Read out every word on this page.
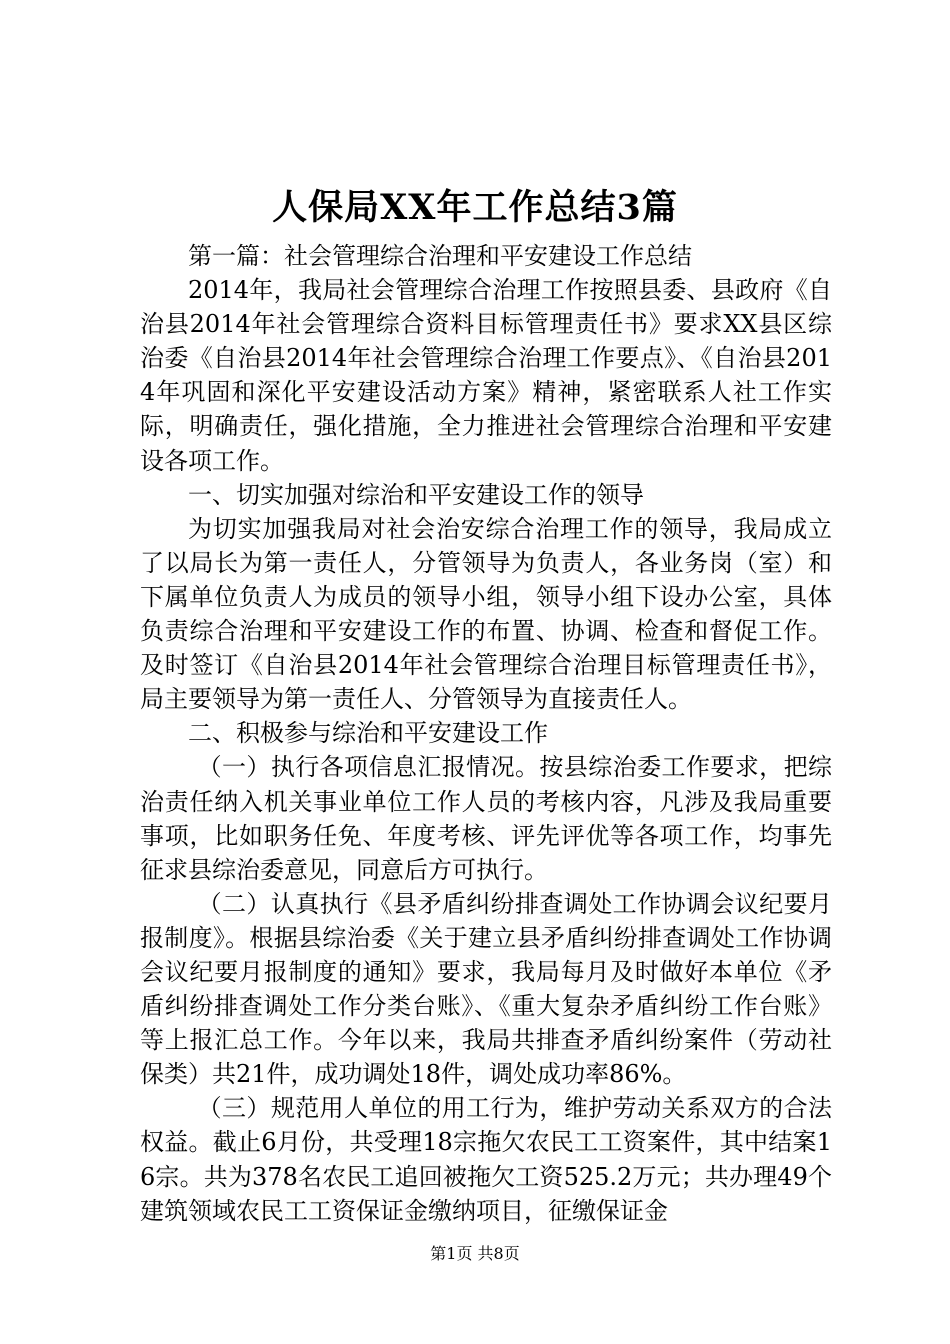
人保局XX年工作总结3篇

第一篇：社会管理综合治理和平安建设工作总结

2014年，我局社会管理综合治理工作按照县委、县政府《自治县2014年社会管理综合资料目标管理责任书》要求XX县区综治委《自治县2014年社会管理综合治理工作要点》、《自治县2014年巩固和深化平安建设活动方案》精神，紧密联系人社工作实际，明确责任，强化措施，全力推进社会管理综合治理和平安建设各项工作。

一、切实加强对综治和平安建设工作的领导

为切实加强我局对社会治安综合治理工作的领导，我局成立了以局长为第一责任人，分管领导为负责人，各业务岗（室）和下属单位负责人为成员的领导小组，领导小组下设办公室，具体负责综合治理和平安建设工作的布置、协调、检查和督促工作。及时签订《自治县2014年社会管理综合治理目标管理责任书》，局主要领导为第一责任人、分管领导为直接责任人。

二、积极参与综治和平安建设工作

（一）执行各项信息汇报情况。按县综治委工作要求，把综治责任纳入机关事业单位工作人员的考核内容，凡涉及我局重要事项，比如职务任免、年度考核、评先评优等各项工作，均事先征求县综治委意见，同意后方可执行。

（二）认真执行《县矛盾纠纷排查调处工作协调会议纪要月报制度》。根据县综治委《关于建立县矛盾纠纷排查调处工作协调会议纪要月报制度的通知》要求，我局每月及时做好本单位《矛盾纠纷排查调处工作分类台账》、《重大复杂矛盾纠纷工作台账》等上报汇总工作。今年以来，我局共排查矛盾纠纷案件（劳动社保类）共21件，成功调处18件，调处成功率86%。

（三）规范用人单位的用工行为，维护劳动关系双方的合法权益。截止6月份，共受理18宗拖欠农民工工资案件，其中结案16宗。共为378名农民工追回被拖欠工资525.2万元；共办理49个建筑领域农民工工资保证金缴纳项目，征缴保证金

第1页 共8页
